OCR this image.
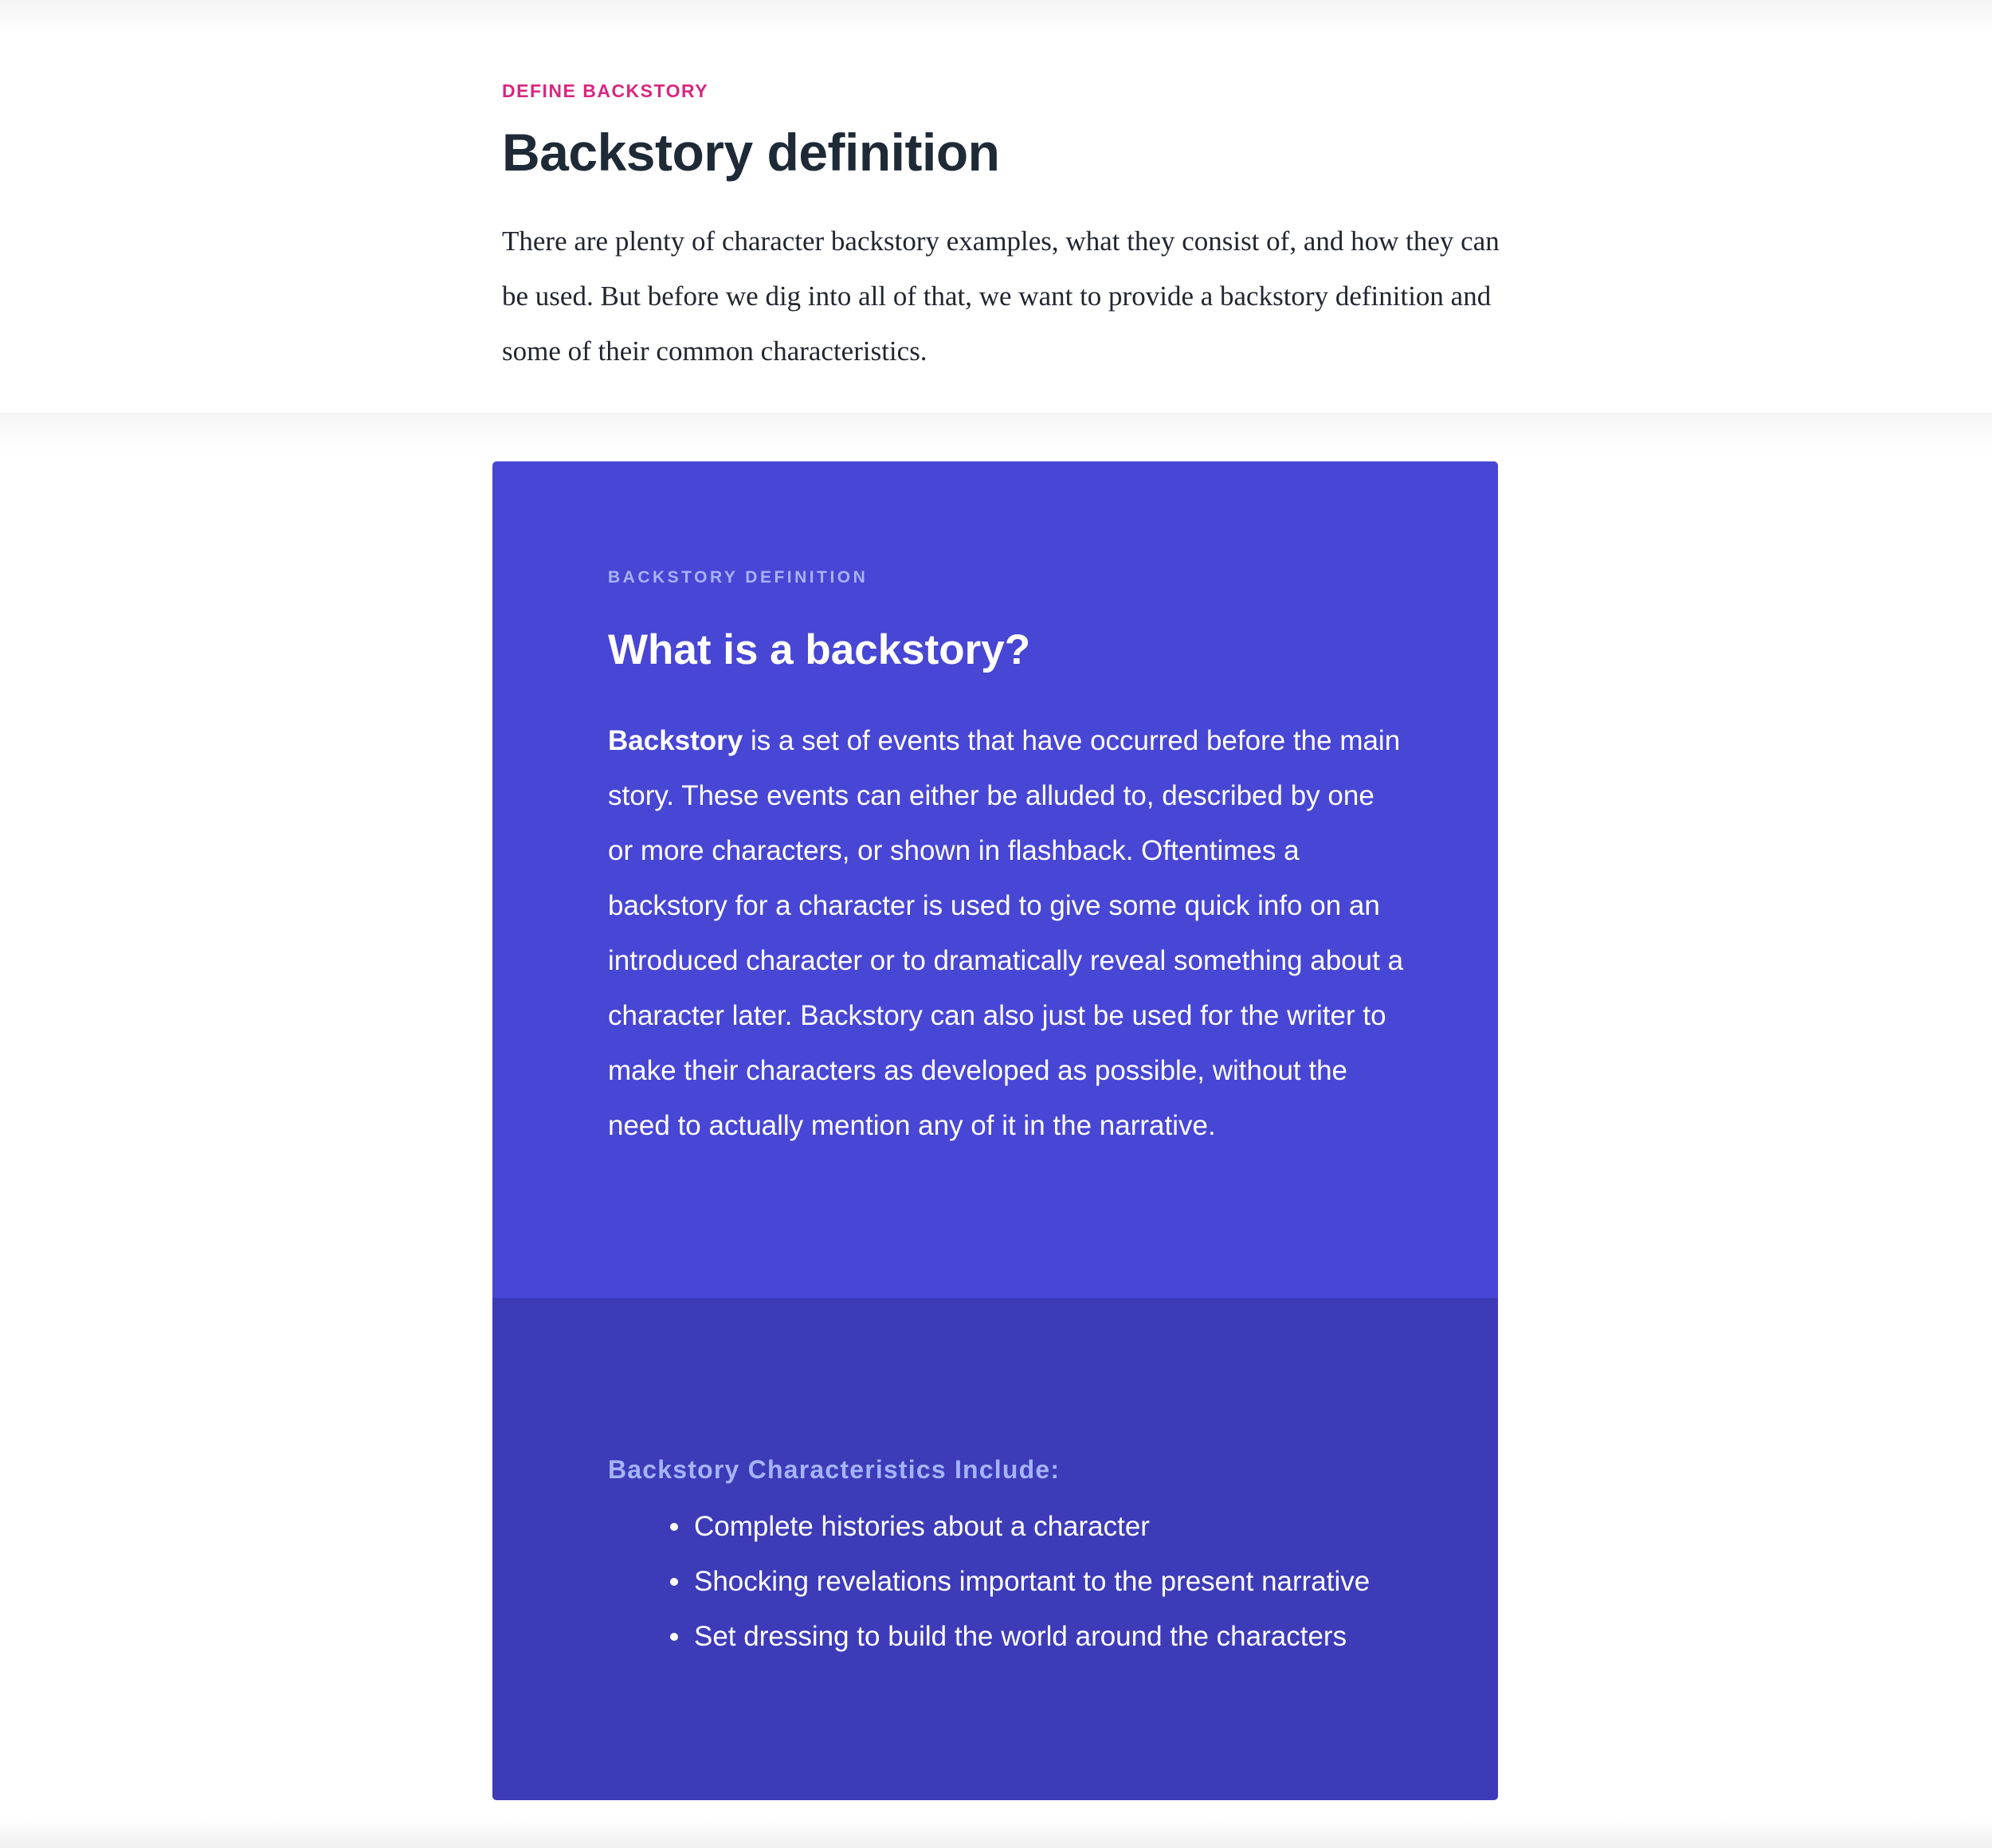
DEFINE BACKSTORY

Backstory definition

There are plenty of character backstory examples, what they consist of, and how they can be used. But before we dig into all of that, we want to provide a backstory definition and some of their common characteristics.

BACKSTORY DEFINITION

What is a backstory?

Backstory is a set of events that have occurred before the main story. These events can either be alluded to, described by one or more characters, or shown in flashback. Oftentimes a backstory for a character is used to give some quick info on an introduced character or to dramatically reveal something about a character later. Backstory can also just be used for the writer to make their characters as developed as possible, without the need to actually mention any of it in the narrative.

Backstory Characteristics Include:

Complete histories about a character
Shocking revelations important to the present narrative
Set dressing to build the world around the characters
